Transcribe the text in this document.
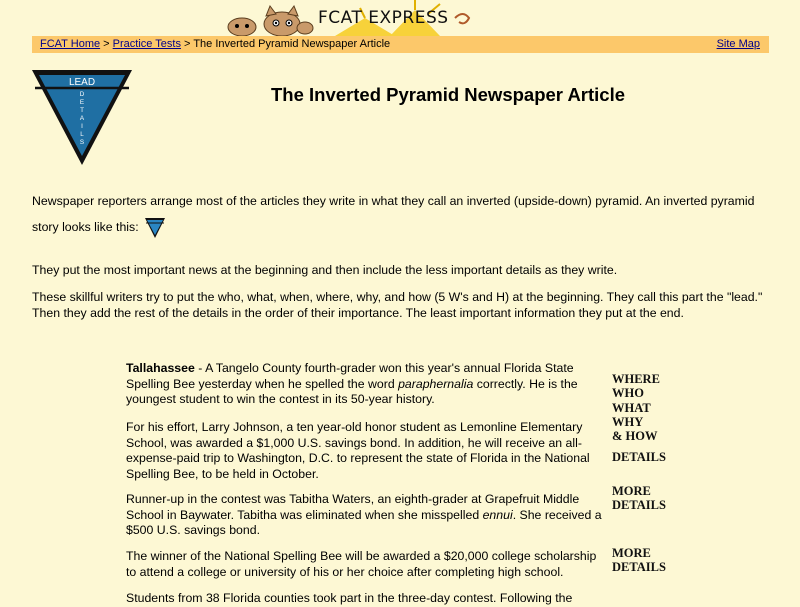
FCAT EXPRESS
FCAT Home > Practice Tests > The Inverted Pyramid Newspaper Article	Site Map
LEAD
D
E
T
A
I
L
S
The Inverted Pyramid Newspaper Article

Newspaper reporters arrange most of the articles they write in what they call an inverted (upside-down) pyramid. An inverted pyramid
story looks like this:

They put the most important news at the beginning and then include the less important details as they write.

These skillful writers try to put the who, what, when, where, why, and how (5 W's and H) at the beginning. They call this part the "lead." Then they add the rest of the details in the order of their importance. The least important information they put at the end.

Tallahassee - A Tangelo County fourth-grader won this year's annual Florida State Spelling Bee yesterday when he spelled the word paraphernalia correctly. He is the youngest student to win the contest in its 50-year history.

For his effort, Larry Johnson, a ten year-old honor student as Lemonline Elementary School, was awarded a $1,000 U.S. savings bond. In addition, he will receive an all-expense-paid trip to Washington, D.C. to represent the state of Florida in the National Spelling Bee, to be held in October.

Runner-up in the contest was Tabitha Waters, an eighth-grader at Grapefruit Middle School in Baywater. Tabitha was eliminated when she misspelled ennui. She received a $500 U.S. savings bond.

The winner of the National Spelling Bee will be awarded a $20,000 college scholarship to attend a college or university of his or her choice after completing high school.

Students from 38 Florida counties took part in the three-day contest. Following the

WHERE
WHO
WHAT
WHY
& HOW
DETAILS
MORE
DETAILS
MORE
DETAILS
